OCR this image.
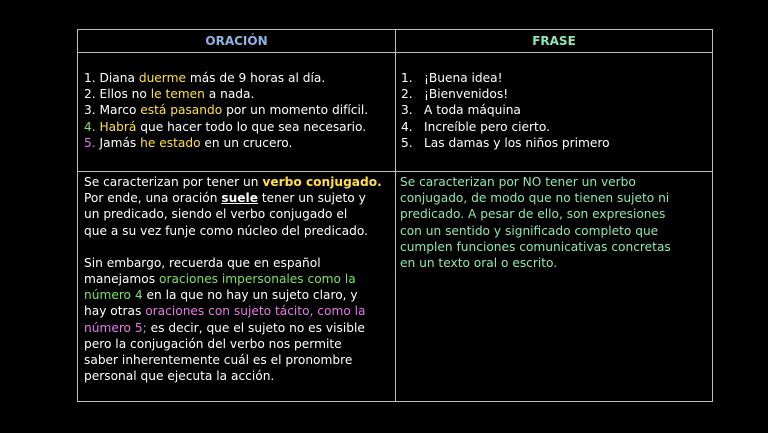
ORACIÓN	FRASE
1. Diana duerme más de 9 horas al día.
2. Ellos no le temen a nada.
3. Marco está pasando por un momento difícil.
4. Habrá que hacer todo lo que sea necesario.
5. Jamás he estado en un crucero.
1. ¡Buena idea!
2. ¡Bienvenidos!
3. A toda máquina
4. Increíble pero cierto.
5. Las damas y los niños primero
Se caracterizan por tener un verbo conjugado.
Por ende, una oración suele tener un sujeto y
un predicado, siendo el verbo conjugado el
que a su vez funje como núcleo del predicado.
Sin embargo, recuerda que en español
manejamos oraciones impersonales como la
número 4 en la que no hay un sujeto claro, y
hay otras oraciones con sujeto tácito, como la
número 5; es decir, que el sujeto no es visible
pero la conjugación del verbo nos permite
saber inherentemente cuál es el pronombre
personal que ejecuta la acción.
Se caracterizan por NO tener un verbo
conjugado, de modo que no tienen sujeto ni
predicado. A pesar de ello, son expresiones
con un sentido y significado completo que
cumplen funciones comunicativas concretas
en un texto oral o escrito.
